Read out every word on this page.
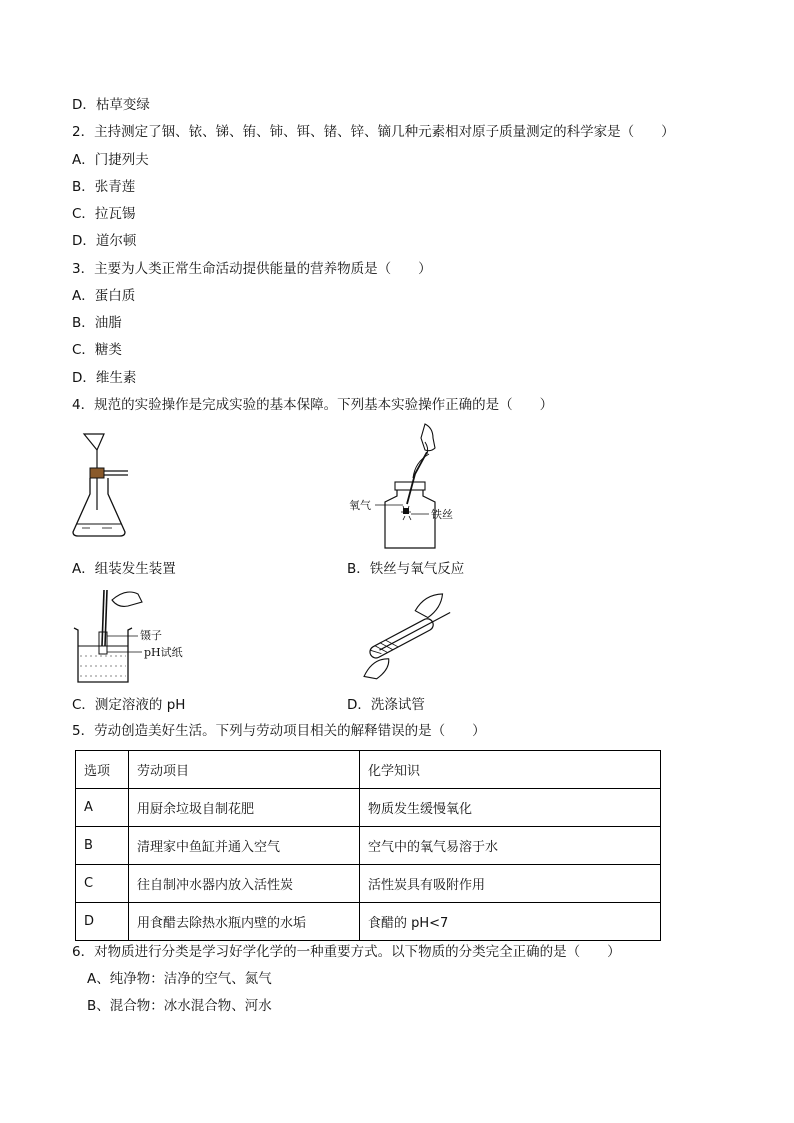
D．枯草变绿
2．主持测定了铟、铱、锑、铕、铈、铒、锗、锌、镝几种元素相对原子质量测定的科学家是（　　）
A．门捷列夫
B．张青莲
C．拉瓦锡
D．道尔顿
3．主要为人类正常生命活动提供能量的营养物质是（　　）
A．蛋白质
B．油脂
C．糖类
D．维生素
4．规范的实验操作是完成实验的基本保障。下列基本实验操作正确的是（　　）
氧气
铁丝
A．组装发生装置	B．铁丝与氧气反应
镊子
pH试纸
C．测定溶液的 pH	D．洗涤试管
5．劳动创造美好生活。下列与劳动项目相关的解释错误的是（　　）
选项	劳动项目	化学知识
A	用厨余垃圾自制花肥	物质发生缓慢氧化
B	清理家中鱼缸并通入空气	空气中的氧气易溶于水
C	往自制冲水器内放入活性炭	活性炭具有吸附作用
D	用食醋去除热水瓶内壁的水垢	食醋的 pH<7
6．对物质进行分类是学习好学化学的一种重要方式。以下物质的分类完全正确的是（　　）
A、纯净物：洁净的空气、氮气
B、混合物：冰水混合物、河水
